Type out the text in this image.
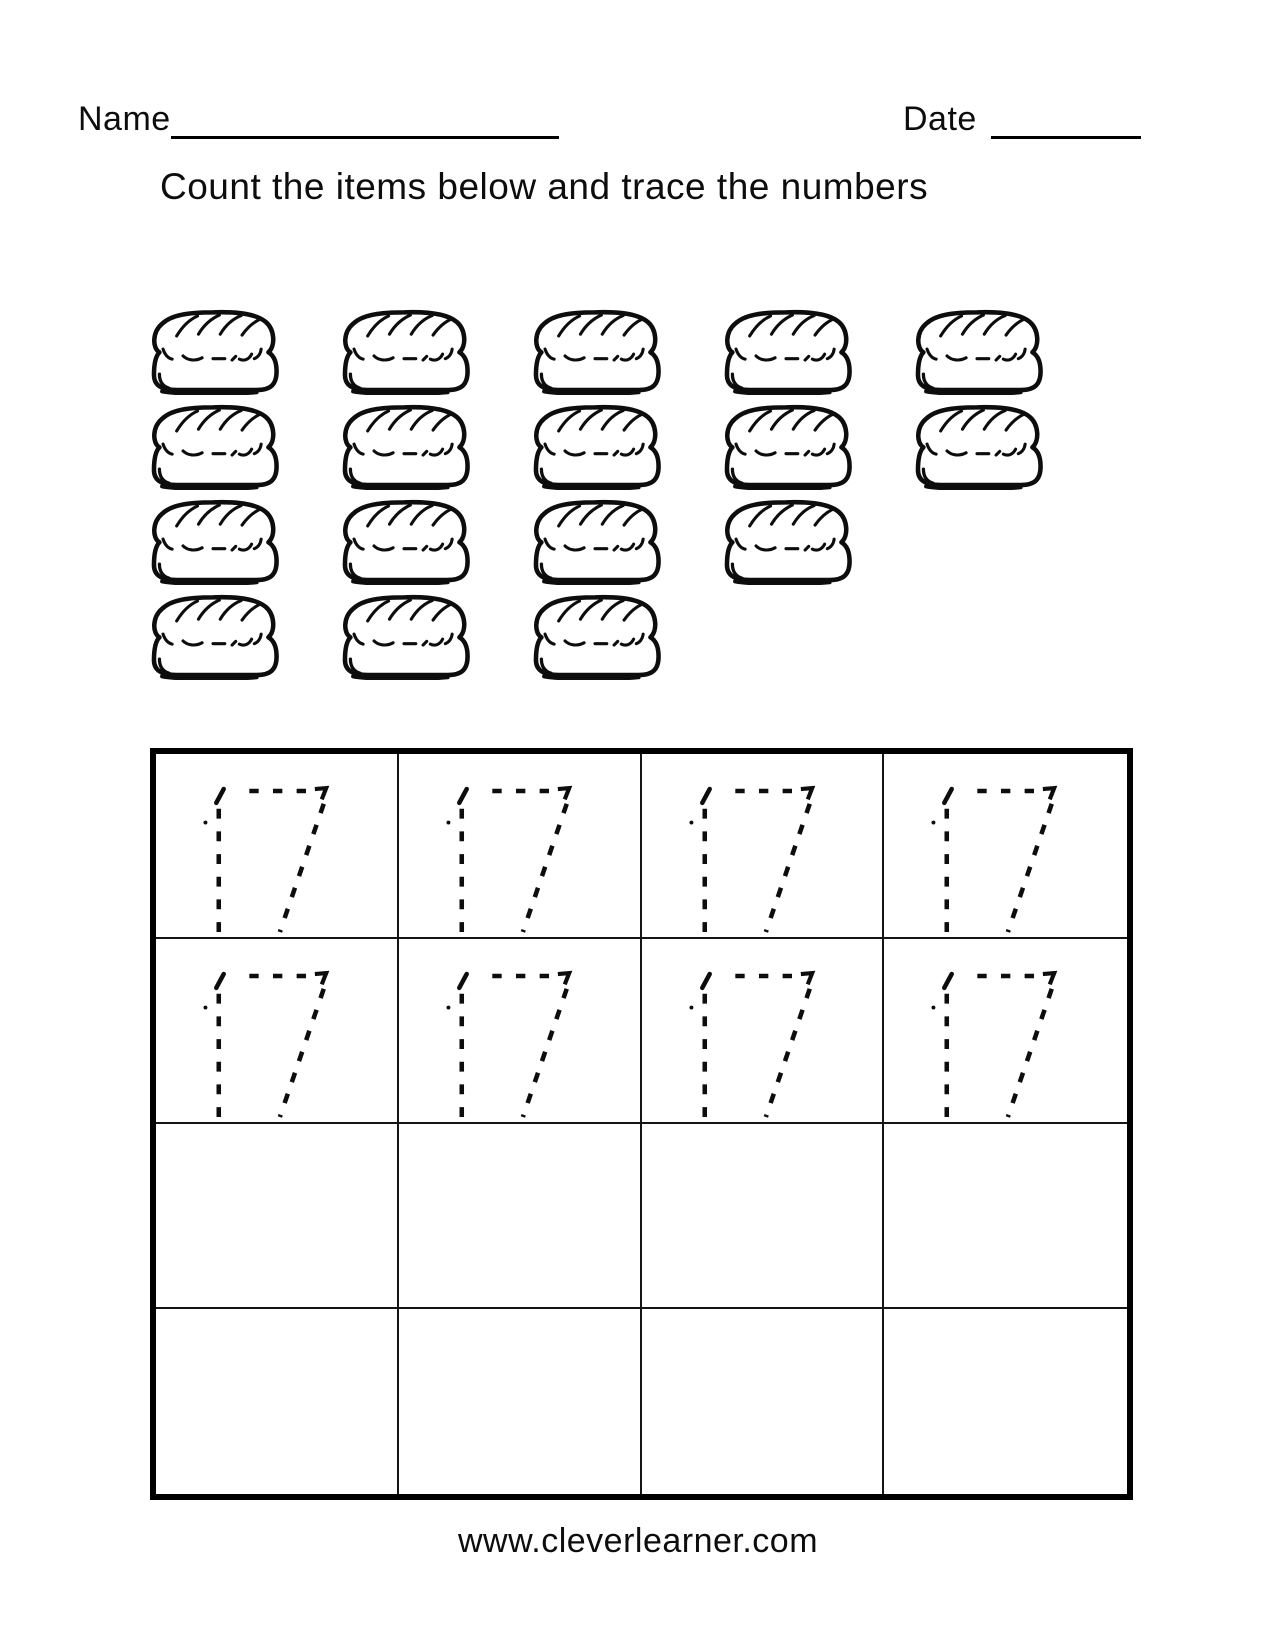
Name	Date
Count the items below and trace the numbers
www.cleverlearner.com
